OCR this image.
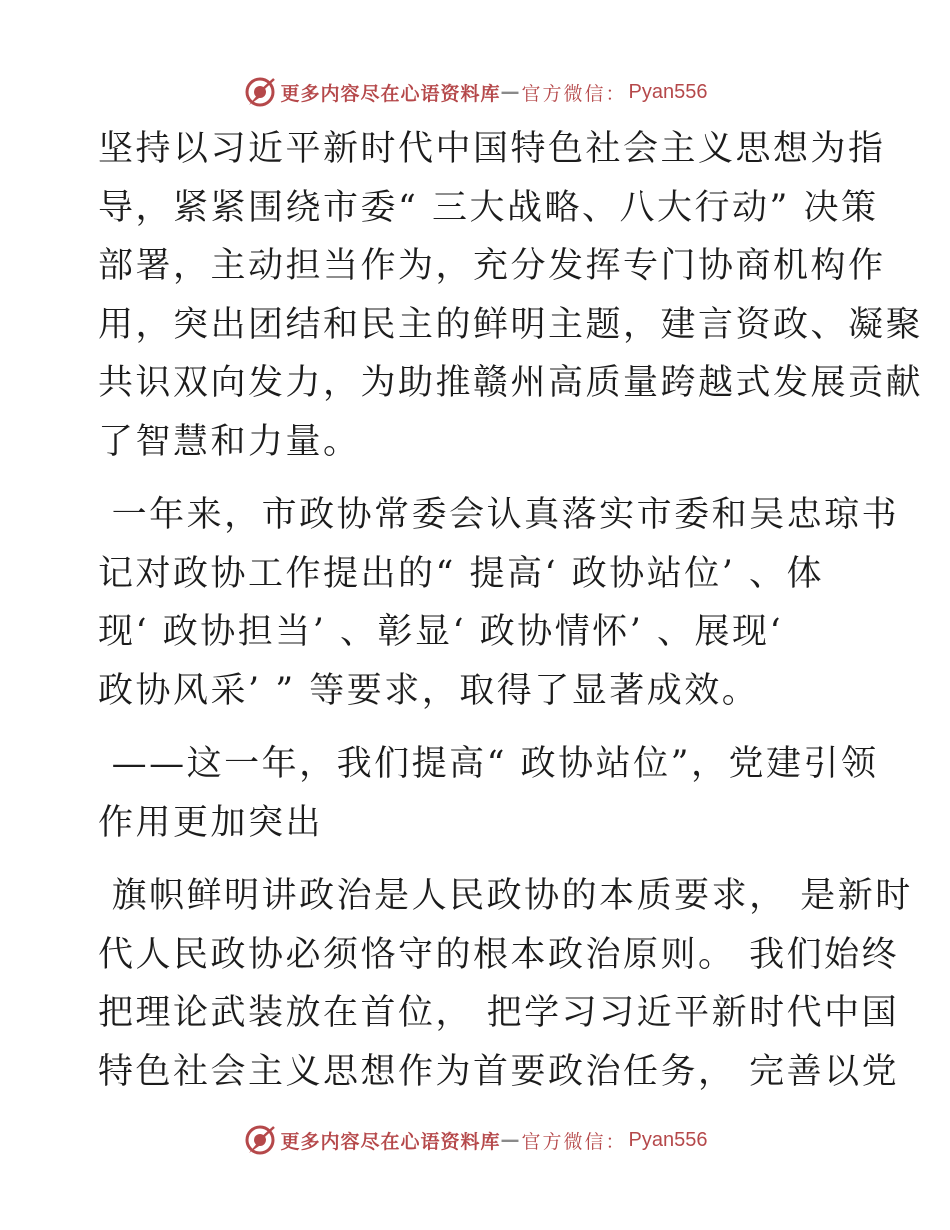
更多内容尽在心语资料库 — 官方微信： Pyan556

坚持以习近平新时代中国特色社会主义思想为指

导，紧紧围绕市委“ 三大战略、八大行动” 决策

部署，主动担当作为，充分发挥专门协商机构作

用，突出团结和民主的鲜明主题，建言资政、凝聚

共识双向发力，为助推赣州高质量跨越式发展贡献

了智慧和力量。

一年来，市政协常委会认真落实市委和吴忠琼书

记对政协工作提出的“ 提高‘ 政协站位’ 、体

现‘ 政协担当’ 、彰显‘ 政协情怀’ 、展现‘

政协风采’ ” 等要求，取得了显著成效。

——这一年，我们提高“ 政协站位”，党建引领

作用更加突出

旗帜鲜明讲政治是人民政协的本质要求， 是新时

代人民政协必须恪守的根本政治原则。 我们始终

把理论武装放在首位， 把学习习近平新时代中国

特色社会主义思想作为首要政治任务， 完善以党

更多内容尽在心语资料库 — 官方微信： Pyan556
